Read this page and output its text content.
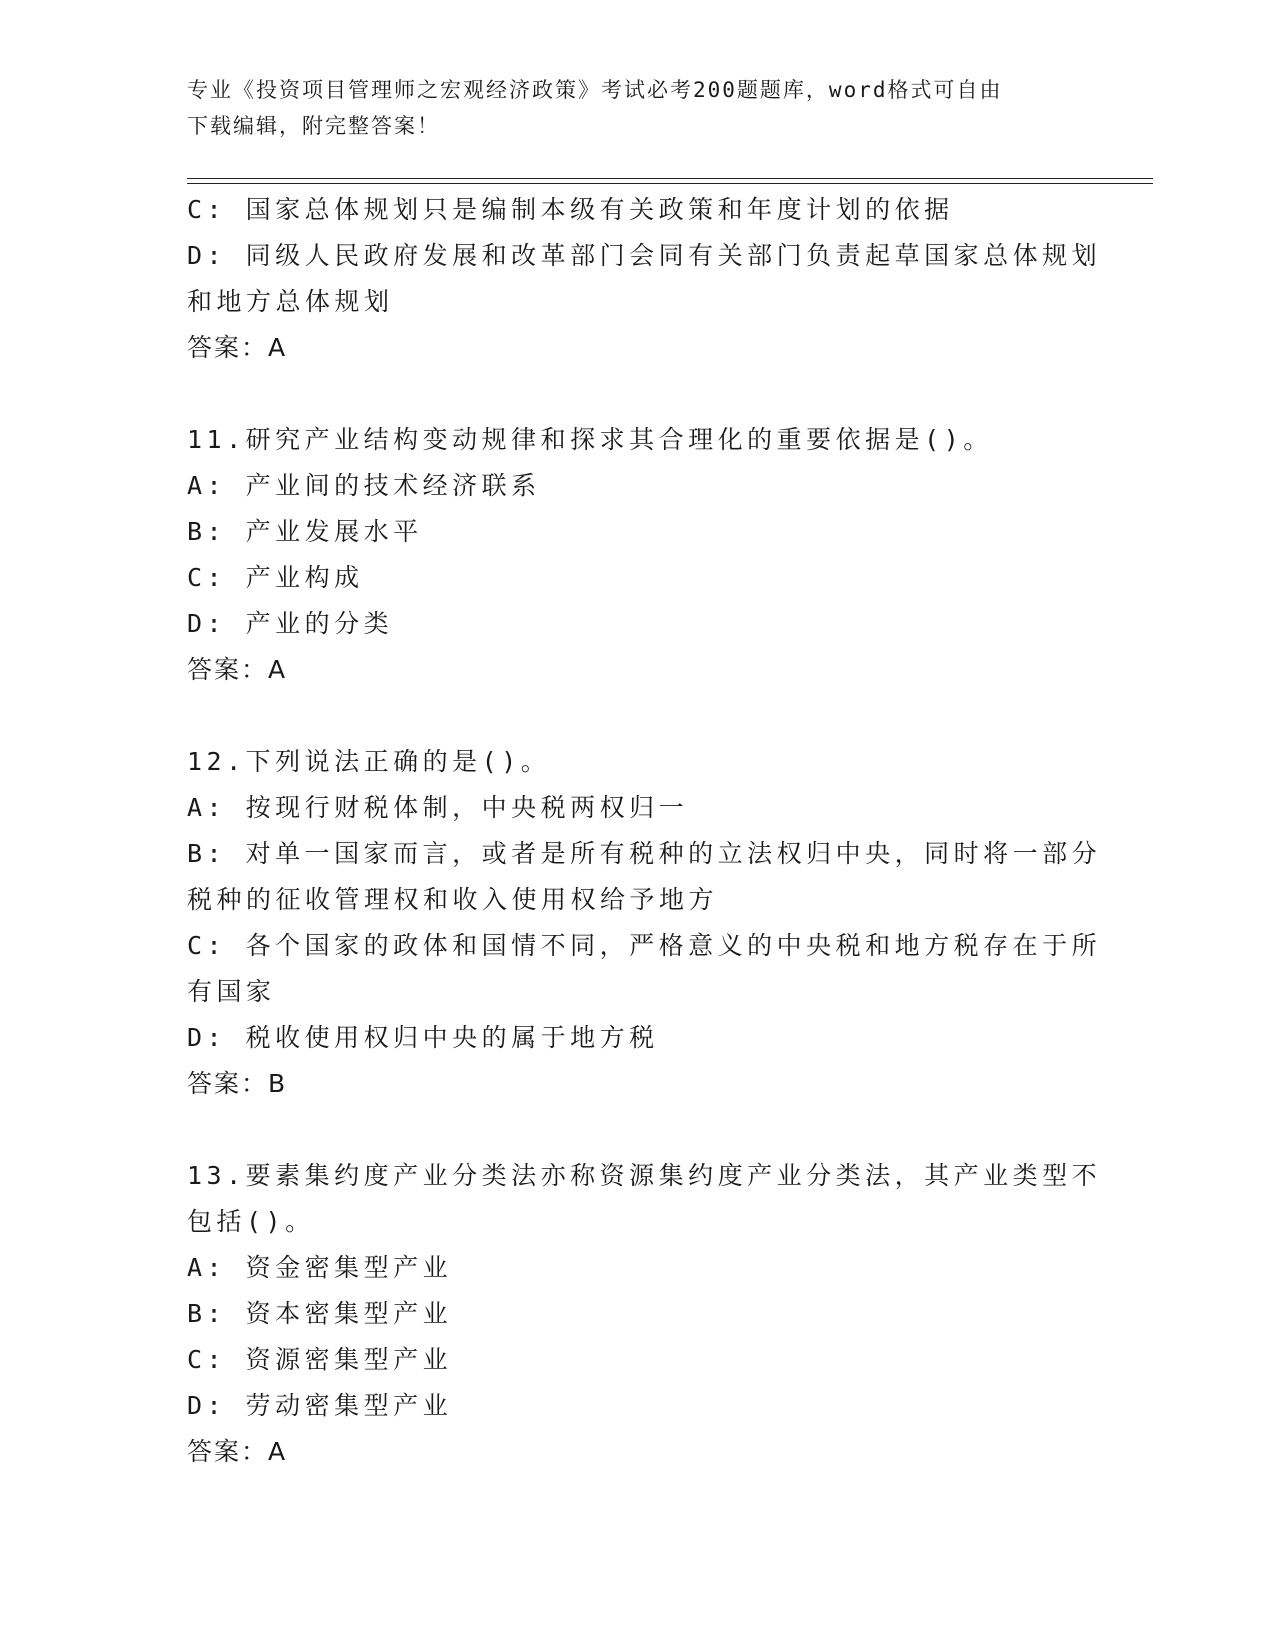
专业《投资项目管理师之宏观经济政策》考试必考200题题库，word格式可自由
下载编辑，附完整答案！
C: 国家总体规划只是编制本级有关政策和年度计划的依据
D: 同级人民政府发展和改革部门会同有关部门负责起草国家总体规划
和地方总体规划
答案：A
11.研究产业结构变动规律和探求其合理化的重要依据是()。
A: 产业间的技术经济联系
B: 产业发展水平
C: 产业构成
D: 产业的分类
答案：A
12.下列说法正确的是()。
A: 按现行财税体制，中央税两权归一
B: 对单一国家而言，或者是所有税种的立法权归中央，同时将一部分
税种的征收管理权和收入使用权给予地方
C: 各个国家的政体和国情不同，严格意义的中央税和地方税存在于所
有国家
D: 税收使用权归中央的属于地方税
答案：B
13.要素集约度产业分类法亦称资源集约度产业分类法，其产业类型不
包括()。
A: 资金密集型产业
B: 资本密集型产业
C: 资源密集型产业
D: 劳动密集型产业
答案：A
